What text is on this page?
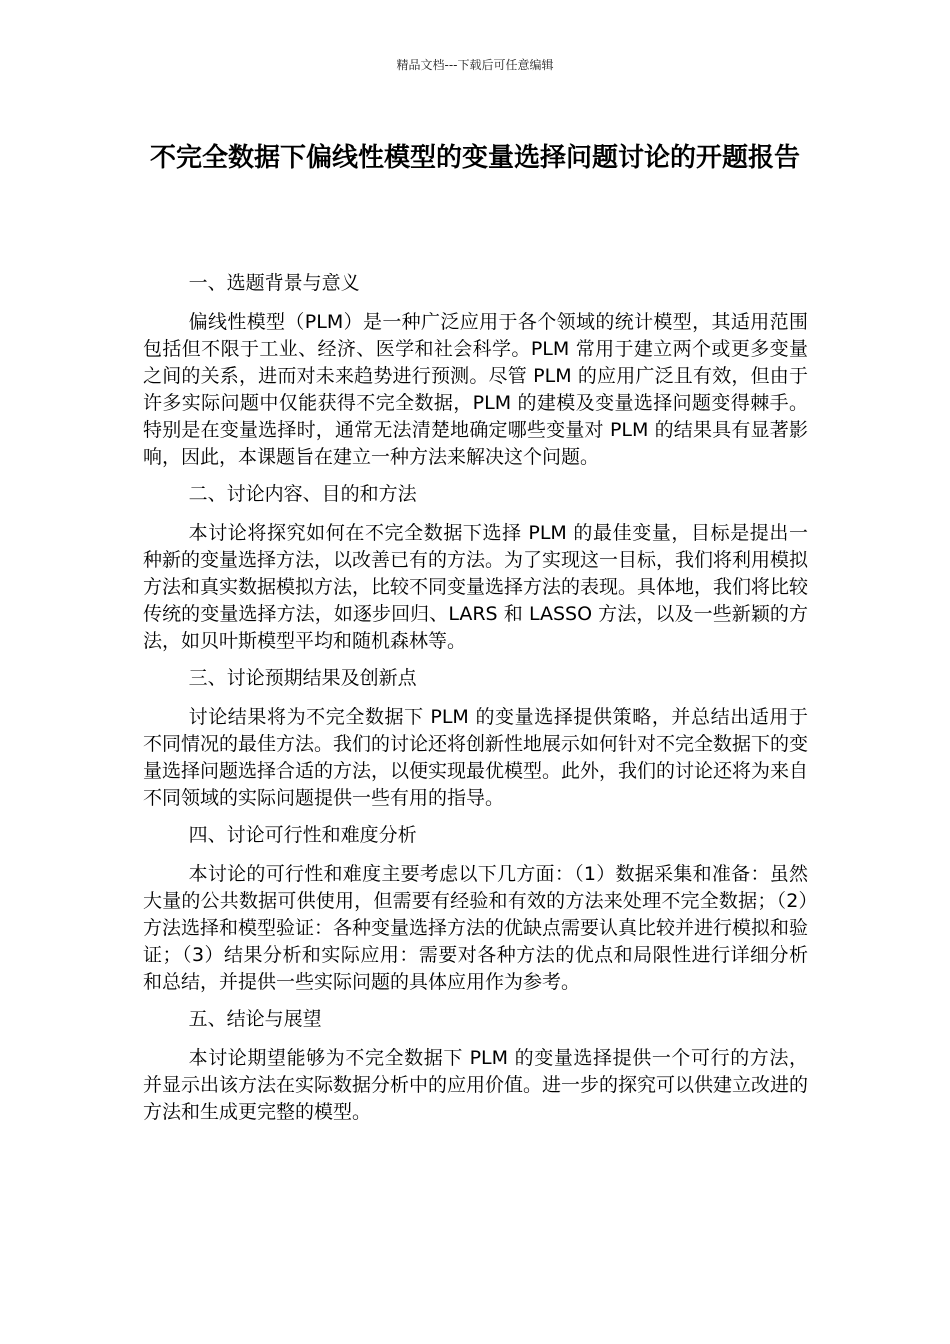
精品文档---下载后可任意编辑
不完全数据下偏线性模型的变量选择问题讨论的开题报告
一、选题背景与意义

偏线性模型（PLM）是一种广泛应用于各个领域的统计模型，其适用范围包括但不限于工业、经济、医学和社会科学。PLM 常用于建立两个或更多变量之间的关系，进而对未来趋势进行预测。尽管 PLM 的应用广泛且有效，但由于许多实际问题中仅能获得不完全数据，PLM 的建模及变量选择问题变得棘手。特别是在变量选择时，通常无法清楚地确定哪些变量对 PLM 的结果具有显著影响，因此，本课题旨在建立一种方法来解决这个问题。

二、讨论内容、目的和方法

本讨论将探究如何在不完全数据下选择 PLM 的最佳变量，目标是提出一种新的变量选择方法，以改善已有的方法。为了实现这一目标，我们将利用模拟方法和真实数据模拟方法，比较不同变量选择方法的表现。具体地，我们将比较传统的变量选择方法，如逐步回归、LARS 和 LASSO 方法，以及一些新颖的方法，如贝叶斯模型平均和随机森林等。

三、讨论预期结果及创新点

讨论结果将为不完全数据下 PLM 的变量选择提供策略，并总结出适用于不同情况的最佳方法。我们的讨论还将创新性地展示如何针对不完全数据下的变量选择问题选择合适的方法，以便实现最优模型。此外，我们的讨论还将为来自不同领域的实际问题提供一些有用的指导。

四、讨论可行性和难度分析

本讨论的可行性和难度主要考虑以下几方面：（1）数据采集和准备：虽然大量的公共数据可供使用，但需要有经验和有效的方法来处理不完全数据；（2）方法选择和模型验证：各种变量选择方法的优缺点需要认真比较并进行模拟和验证；（3）结果分析和实际应用：需要对各种方法的优点和局限性进行详细分析和总结，并提供一些实际问题的具体应用作为参考。

五、结论与展望

本讨论期望能够为不完全数据下 PLM 的变量选择提供一个可行的方法，并显示出该方法在实际数据分析中的应用价值。进一步的探究可以供建立改进的方法和生成更完整的模型。
